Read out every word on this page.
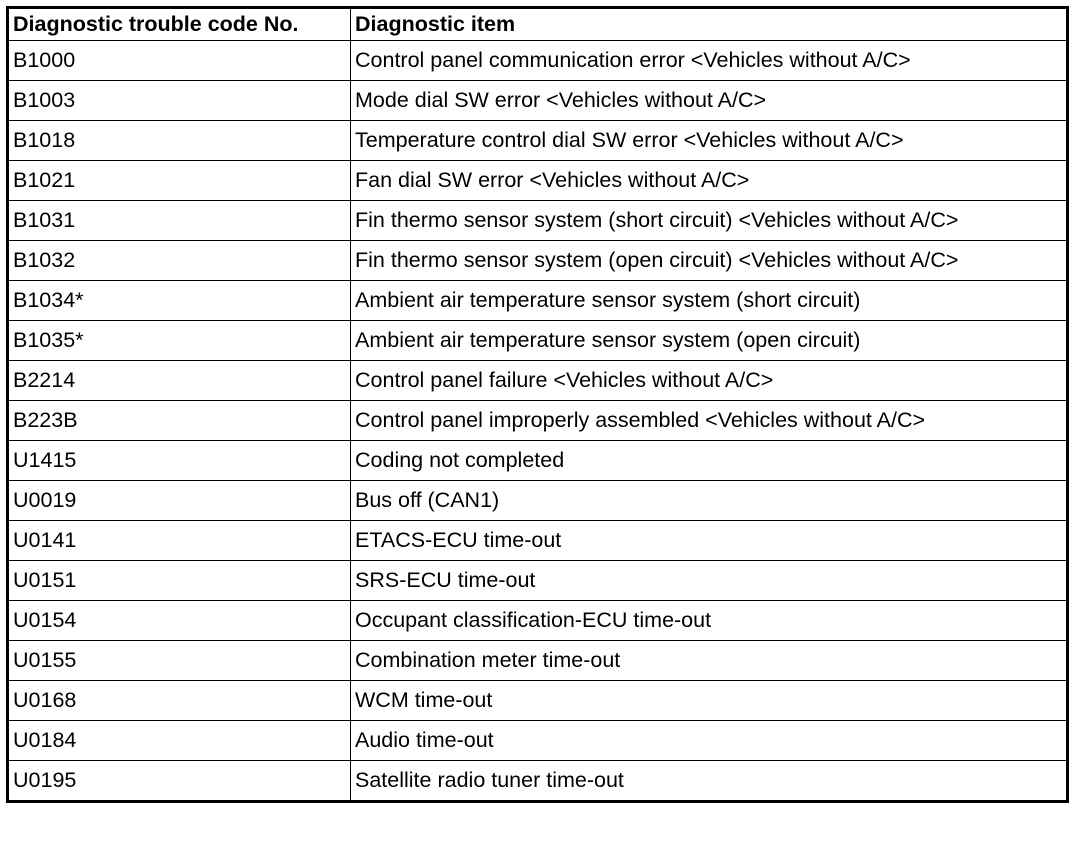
Diagnostic trouble code No.	Diagnostic item
B1000	Control panel communication error <Vehicles without A/C>
B1003	Mode dial SW error <Vehicles without A/C>
B1018	Temperature control dial SW error <Vehicles without A/C>
B1021	Fan dial SW error <Vehicles without A/C>
B1031	Fin thermo sensor system (short circuit) <Vehicles without A/C>
B1032	Fin thermo sensor system (open circuit) <Vehicles without A/C>
B1034*	Ambient air temperature sensor system (short circuit)
B1035*	Ambient air temperature sensor system (open circuit)
B2214	Control panel failure <Vehicles without A/C>
B223B	Control panel improperly assembled <Vehicles without A/C>
U1415	Coding not completed
U0019	Bus off (CAN1)
U0141	ETACS-ECU time-out
U0151	SRS-ECU time-out
U0154	Occupant classification-ECU time-out
U0155	Combination meter time-out
U0168	WCM time-out
U0184	Audio time-out
U0195	Satellite radio tuner time-out
